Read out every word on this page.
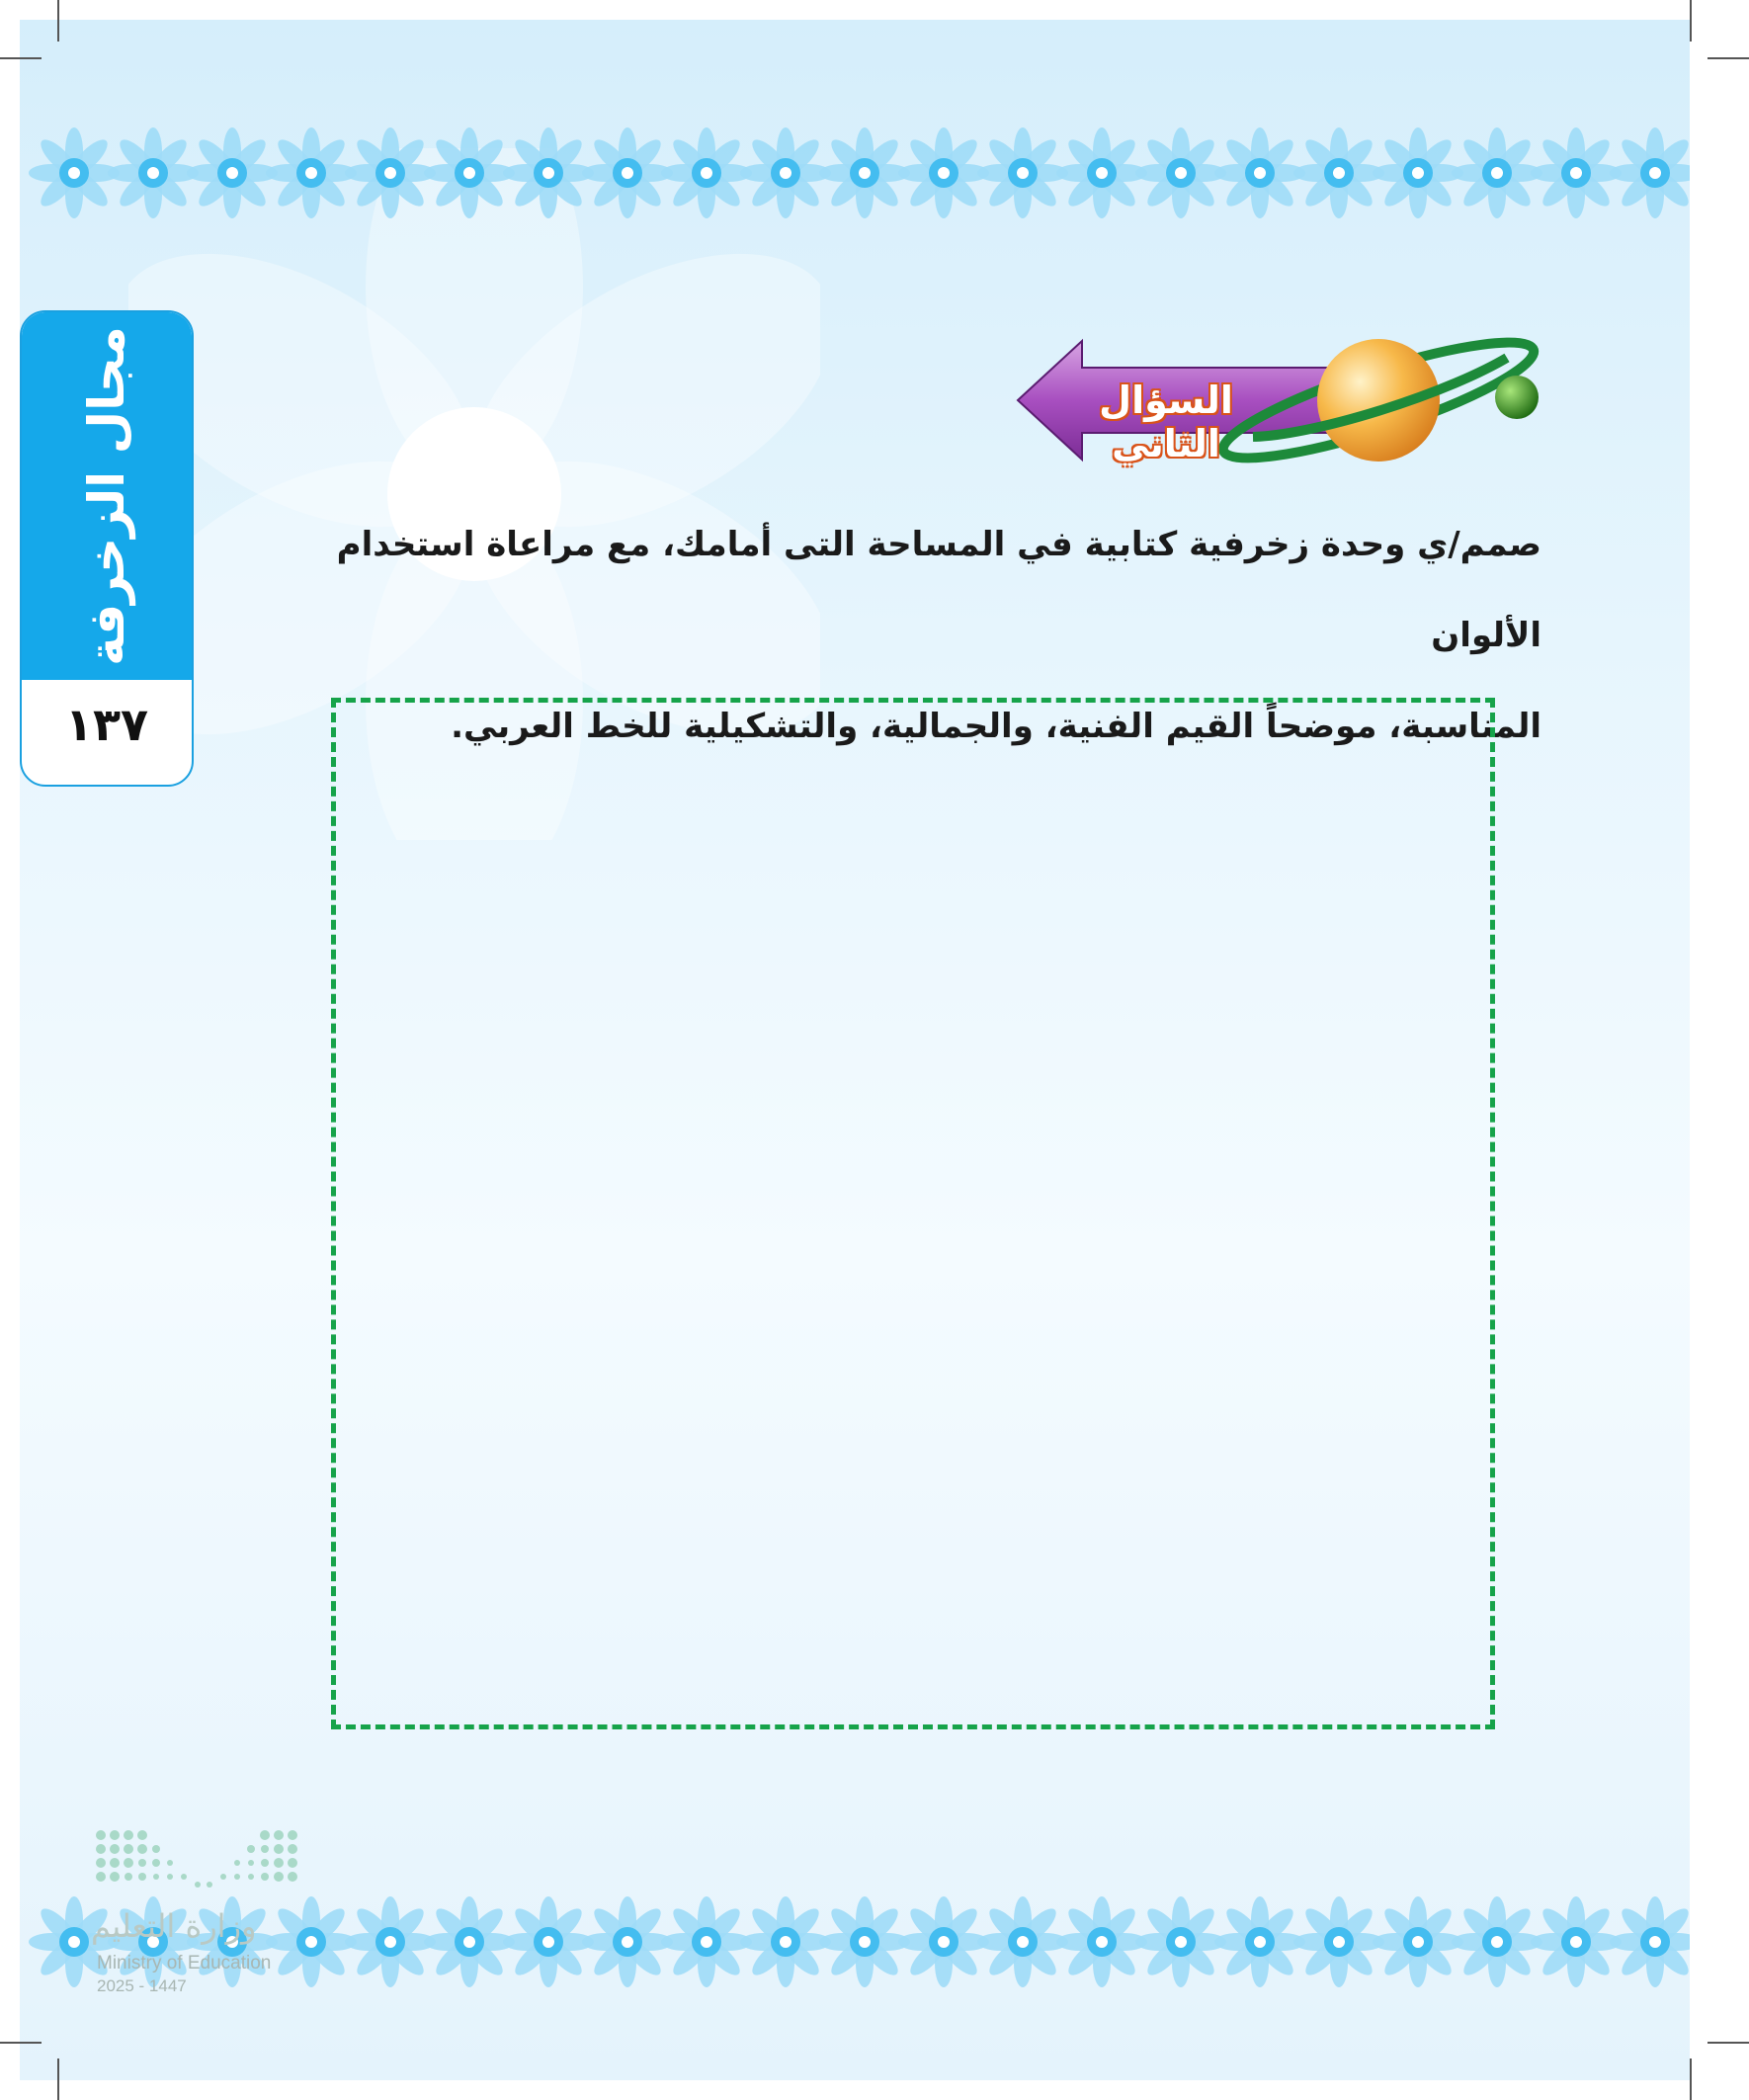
مجال الزخرفة
١٣٧
السؤال الثاني
صمم/ي وحدة زخرفية كتابية في المساحة التى أمامك، مع مراعاة استخدام الألوان
المناسبة، موضحاً القيم الفنية، والجمالية، والتشكيلية للخط العربي.
وزارة التعليم
Ministry of Education
2025 - 1447
